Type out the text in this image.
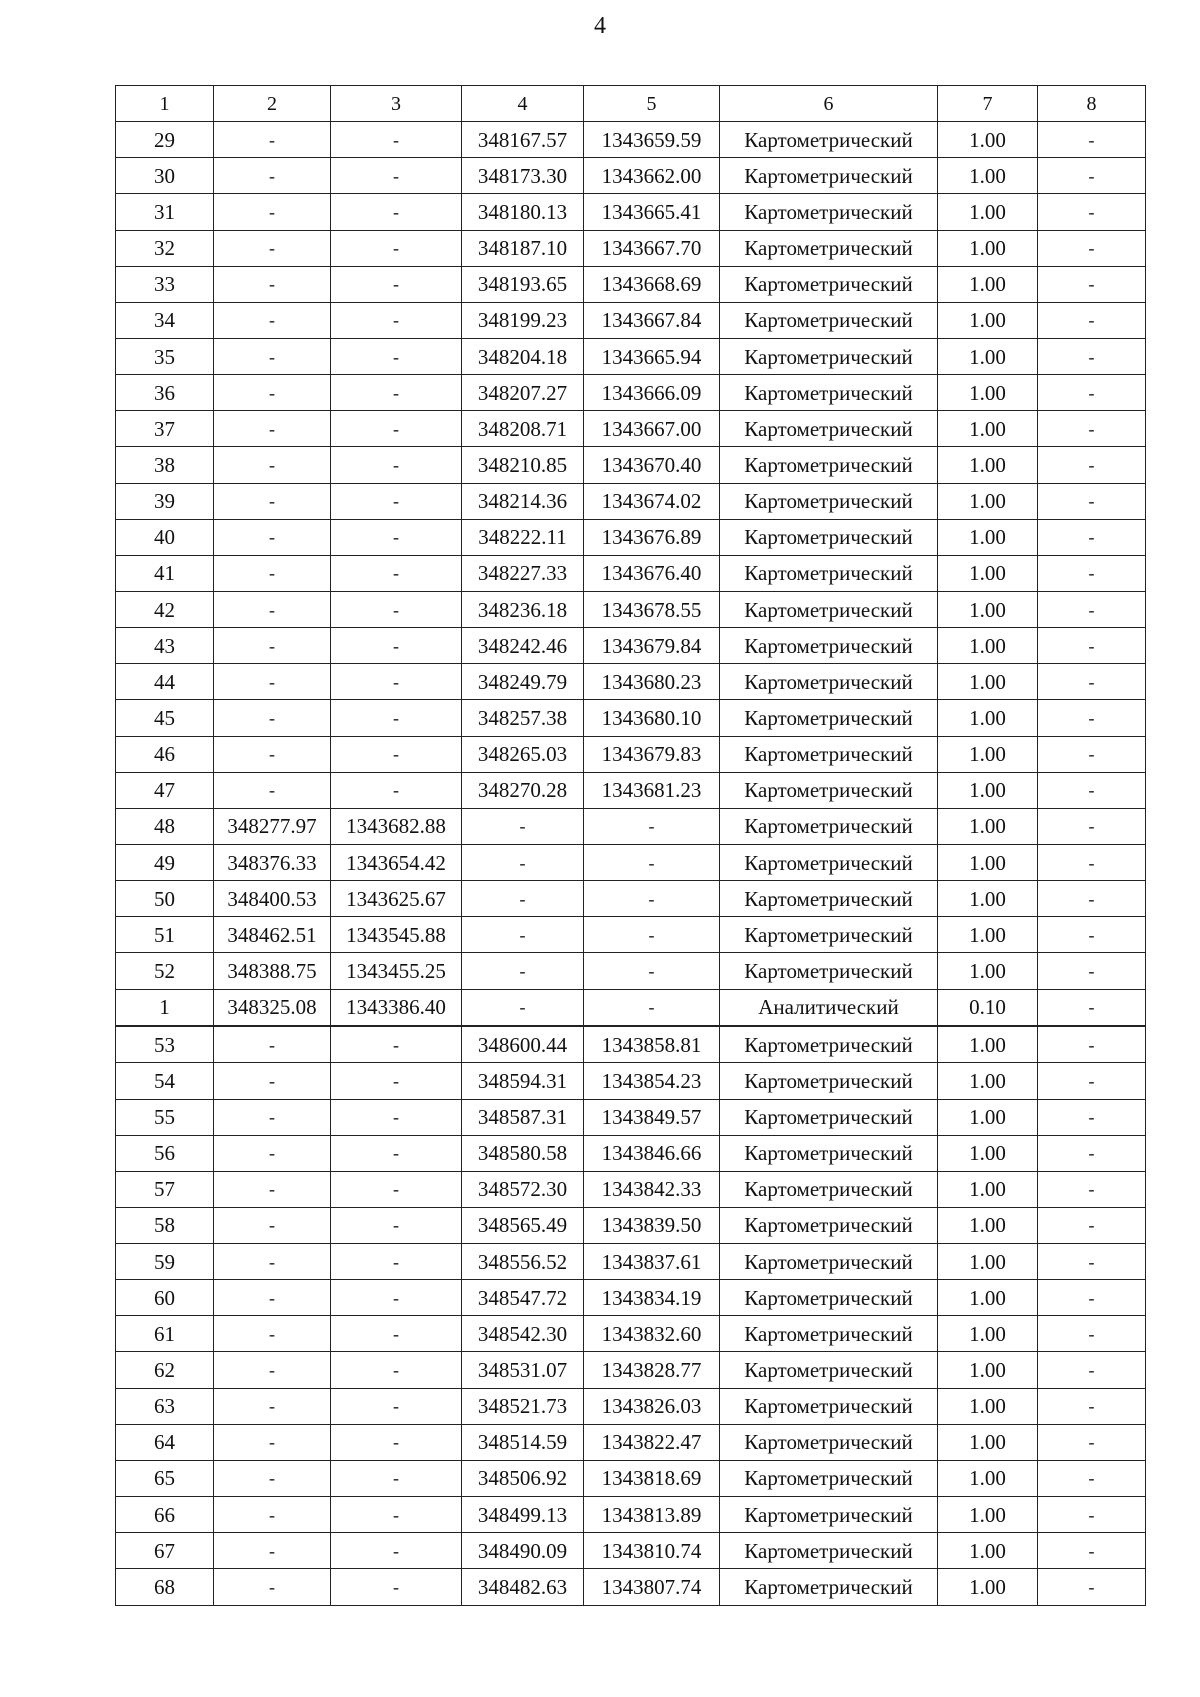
4
1	2	3	4	5	6	7	8
29	-	-	348167.57	1343659.59	Картометрический	1.00	-
30	-	-	348173.30	1343662.00	Картометрический	1.00	-
31	-	-	348180.13	1343665.41	Картометрический	1.00	-
32	-	-	348187.10	1343667.70	Картометрический	1.00	-
33	-	-	348193.65	1343668.69	Картометрический	1.00	-
34	-	-	348199.23	1343667.84	Картометрический	1.00	-
35	-	-	348204.18	1343665.94	Картометрический	1.00	-
36	-	-	348207.27	1343666.09	Картометрический	1.00	-
37	-	-	348208.71	1343667.00	Картометрический	1.00	-
38	-	-	348210.85	1343670.40	Картометрический	1.00	-
39	-	-	348214.36	1343674.02	Картометрический	1.00	-
40	-	-	348222.11	1343676.89	Картометрический	1.00	-
41	-	-	348227.33	1343676.40	Картометрический	1.00	-
42	-	-	348236.18	1343678.55	Картометрический	1.00	-
43	-	-	348242.46	1343679.84	Картометрический	1.00	-
44	-	-	348249.79	1343680.23	Картометрический	1.00	-
45	-	-	348257.38	1343680.10	Картометрический	1.00	-
46	-	-	348265.03	1343679.83	Картометрический	1.00	-
47	-	-	348270.28	1343681.23	Картометрический	1.00	-
48	348277.97	1343682.88	-	-	Картометрический	1.00	-
49	348376.33	1343654.42	-	-	Картометрический	1.00	-
50	348400.53	1343625.67	-	-	Картометрический	1.00	-
51	348462.51	1343545.88	-	-	Картометрический	1.00	-
52	348388.75	1343455.25	-	-	Картометрический	1.00	-
1	348325.08	1343386.40	-	-	Аналитический	0.10	-

53	-	-	348600.44	1343858.81	Картометрический	1.00	-
54	-	-	348594.31	1343854.23	Картометрический	1.00	-
55	-	-	348587.31	1343849.57	Картометрический	1.00	-
56	-	-	348580.58	1343846.66	Картометрический	1.00	-
57	-	-	348572.30	1343842.33	Картометрический	1.00	-
58	-	-	348565.49	1343839.50	Картометрический	1.00	-
59	-	-	348556.52	1343837.61	Картометрический	1.00	-
60	-	-	348547.72	1343834.19	Картометрический	1.00	-
61	-	-	348542.30	1343832.60	Картометрический	1.00	-
62	-	-	348531.07	1343828.77	Картометрический	1.00	-
63	-	-	348521.73	1343826.03	Картометрический	1.00	-
64	-	-	348514.59	1343822.47	Картометрический	1.00	-
65	-	-	348506.92	1343818.69	Картометрический	1.00	-
66	-	-	348499.13	1343813.89	Картометрический	1.00	-
67	-	-	348490.09	1343810.74	Картометрический	1.00	-
68	-	-	348482.63	1343807.74	Картометрический	1.00	-
